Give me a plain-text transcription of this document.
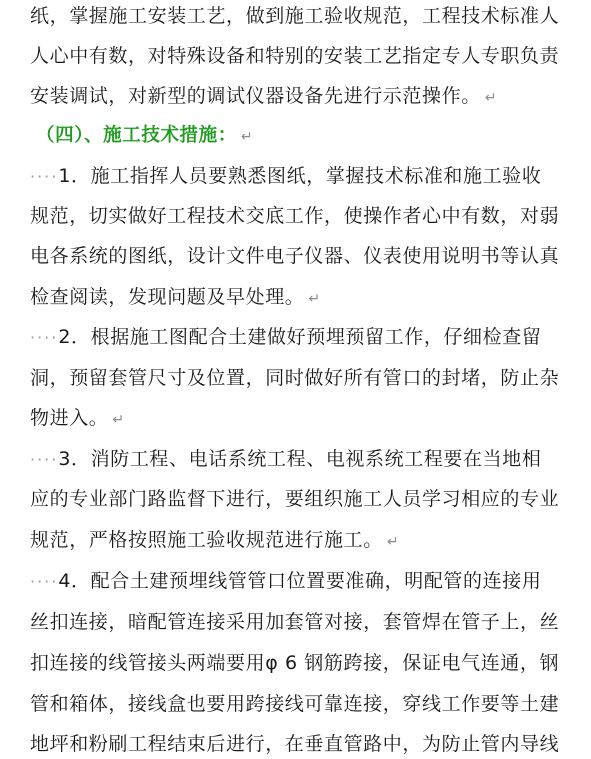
纸，掌握施工安装工艺，做到施工验收规范，工程技术标准人
人心中有数，对特殊设备和特别的安装工艺指定专人专职负责
安装调试，对新型的调试仪器设备先进行示范操作。 ↵
（四）、施工技术措施： ↵
····1．施工指挥人员要熟悉图纸，掌握技术标准和施工验收
规范，切实做好工程技术交底工作，使操作者心中有数，对弱
电各系统的图纸，设计文件电子仪器、仪表使用说明书等认真
检查阅读，发现问题及早处理。 ↵
····2．根据施工图配合土建做好预埋预留工作，仔细检查留
洞，预留套管尺寸及位置，同时做好所有管口的封堵，防止杂
物进入。 ↵
····3．消防工程、电话系统工程、电视系统工程要在当地相
应的专业部门路监督下进行，要组织施工人员学习相应的专业
规范，严格按照施工验收规范进行施工。 ↵
····4．配合土建预埋线管管口位置要准确，明配管的连接用
丝扣连接，暗配管连接采用加套管对接，套管焊在管子上，丝
扣连接的线管接头两端要用φ 6 钢筋跨接，保证电气连通，钢
管和箱体，接线盒也要用跨接线可靠连接，穿线工作要等土建
地坪和粉刷工程结束后进行，在垂直管路中，为防止管内导线
